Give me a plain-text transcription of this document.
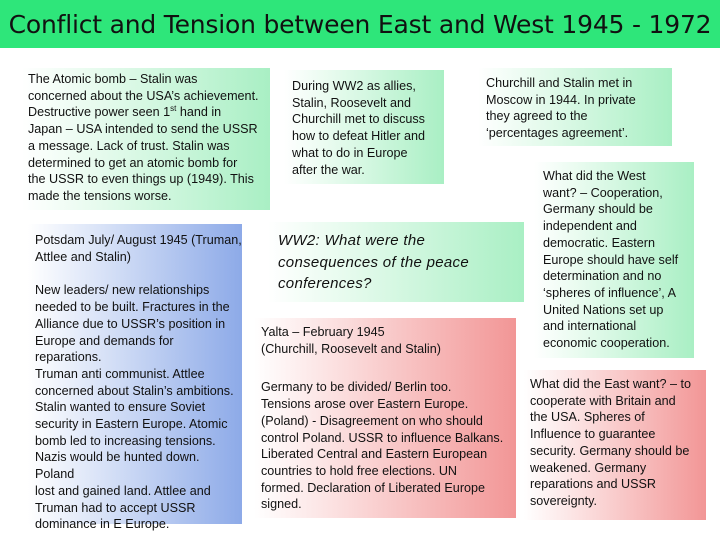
Conflict and Tension between East and West 1945 - 1972

The Atomic bomb – Stalin was
concerned about the USA’s achievement.
Destructive power seen 1st hand in
Japan – USA intended to send the USSR
a message. Lack of trust. Stalin was
determined to get an atomic bomb for
the USSR to even things up (1949). This
made the tensions worse.

During WW2 as allies,
Stalin, Roosevelt and
Churchill met to discuss
how to defeat Hitler and
what to do in Europe
after the war.

Churchill and Stalin met in
Moscow in 1944. In private
they agreed to the
‘percentages agreement’.

What did the West
want? – Cooperation,
Germany should be
independent and
democratic. Eastern
Europe should have self
determination and no
‘spheres of influence’, A
United Nations set up
and international
economic cooperation.

Potsdam July/ August 1945 (Truman,
Attlee and Stalin)

New leaders/ new relationships
needed to be built. Fractures in the
Alliance due to USSR’s position in
Europe and demands for reparations.
Truman anti communist. Attlee
concerned about Stalin’s ambitions.
Stalin wanted to ensure Soviet
security in Eastern Europe. Atomic
bomb led to increasing tensions.
Nazis would be hunted down. Poland
lost and gained land. Attlee and
Truman had to accept USSR
dominance in E Europe.

WW2: What were the
consequences of the peace
conferences?

Yalta – February 1945
(Churchill, Roosevelt and Stalin)

Germany to be divided/ Berlin too.
Tensions arose over Eastern Europe.
(Poland) - Disagreement on who should
control Poland. USSR to influence Balkans.
Liberated Central and Eastern European
countries to hold free elections. UN
formed. Declaration of Liberated Europe
signed.

What did the East want? – to
cooperate with Britain and
the USA. Spheres of
Influence to guarantee
security. Germany should be
weakened. Germany
reparations and USSR
sovereignty.
